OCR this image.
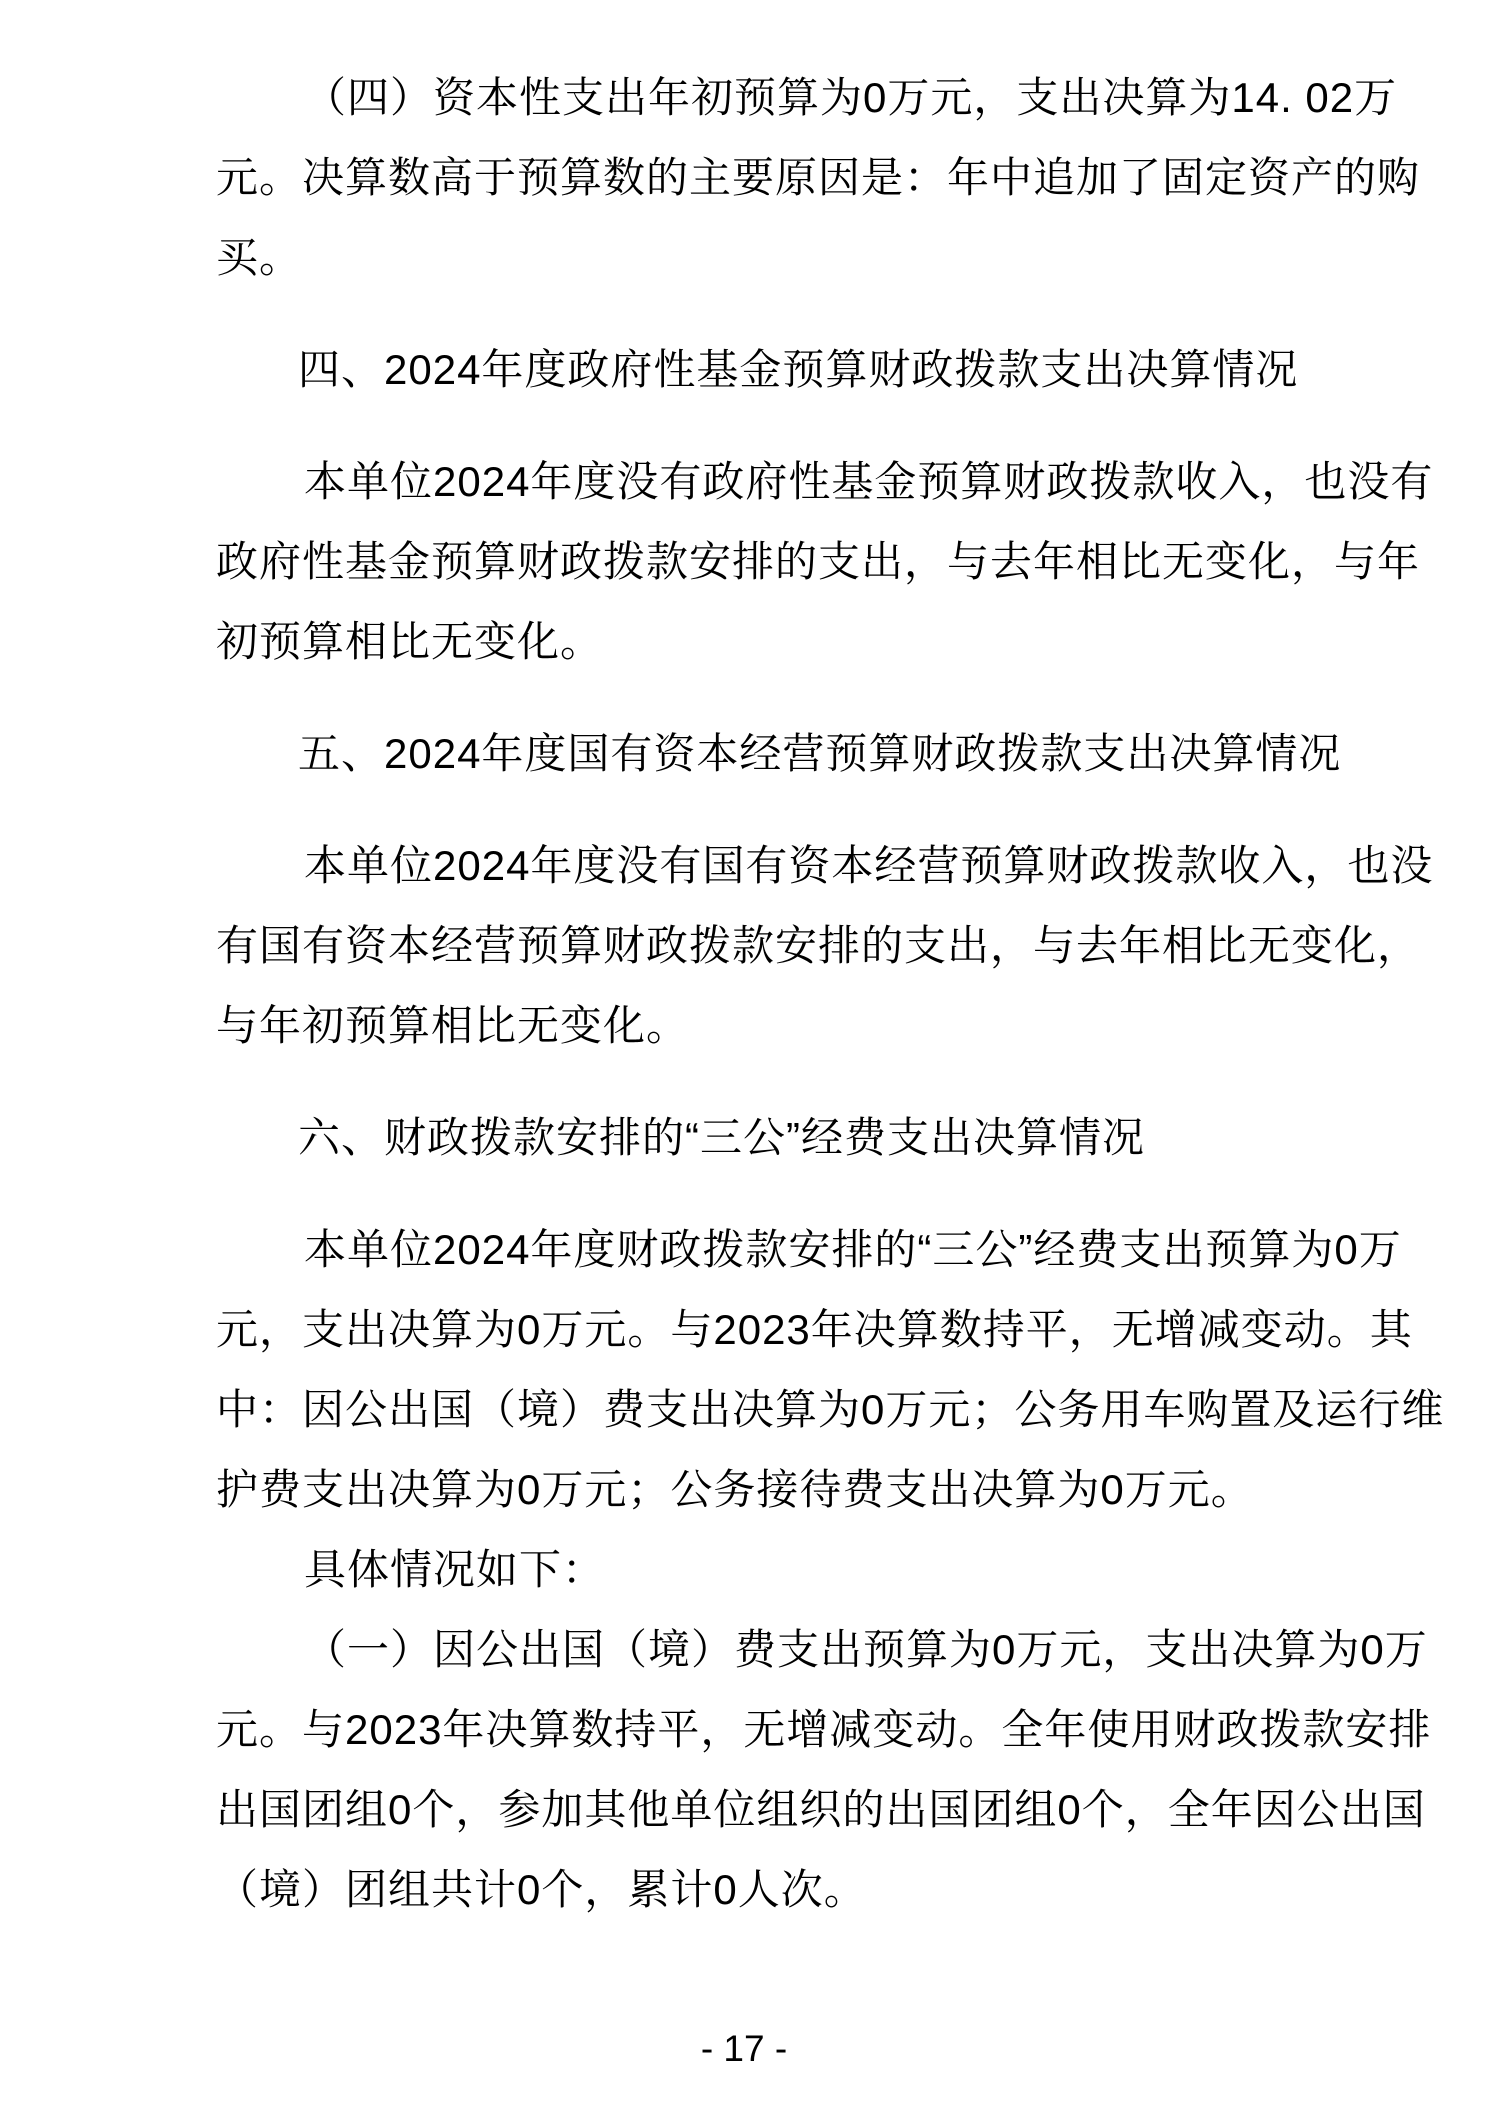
（四）资本性支出年初预算为0万元，支出决算为14. 02万
元。决算数高于预算数的主要原因是：年中追加了固定资产的购
买。
四、2024年度政府性基金预算财政拨款支出决算情况
本单位2024年度没有政府性基金预算财政拨款收入，也没有
政府性基金预算财政拨款安排的支出，与去年相比无变化，与年
初预算相比无变化。
五、2024年度国有资本经营预算财政拨款支出决算情况
本单位2024年度没有国有资本经营预算财政拨款收入，也没
有国有资本经营预算财政拨款安排的支出，与去年相比无变化，
与年初预算相比无变化。
六、财政拨款安排的“三公”经费支出决算情况
本单位2024年度财政拨款安排的“三公”经费支出预算为0万
元，支出决算为0万元。与2023年决算数持平，无增减变动。其
中：因公出国（境）费支出决算为0万元；公务用车购置及运行维
护费支出决算为0万元；公务接待费支出决算为0万元。
具体情况如下：
（一）因公出国（境）费支出预算为0万元，支出决算为0万
元。与2023年决算数持平，无增减变动。全年使用财政拨款安排
出国团组0个，参加其他单位组织的出国团组0个，全年因公出国
（境）团组共计0个，累计0人次。
- 17 -
